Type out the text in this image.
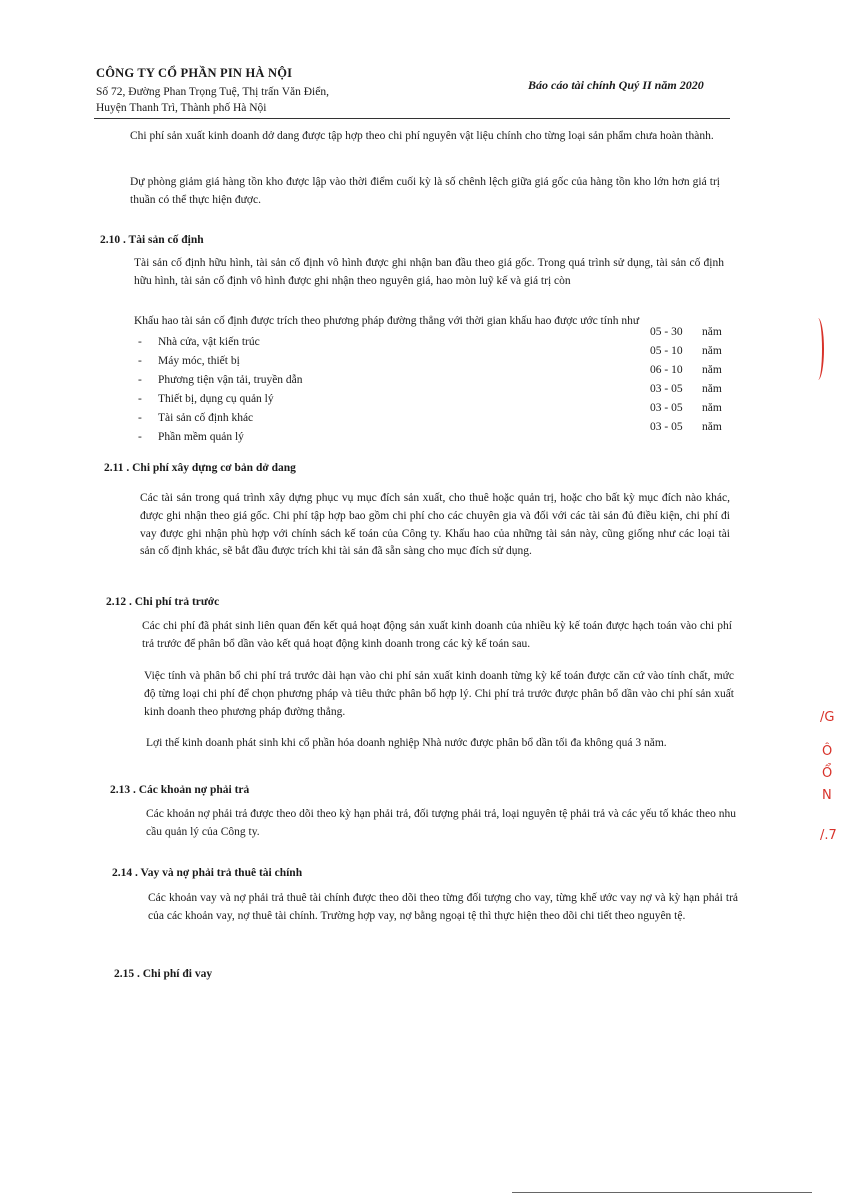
CÔNG TY CỔ PHẦN PIN HÀ NỘI
Số 72, Đường Phan Trọng Tuệ, Thị trấn Văn Điển,
Huyện Thanh Trì, Thành phố Hà Nội
Báo cáo tài chính Quý II năm 2020
Chi phí sản xuất kinh doanh dở dang được tập hợp theo chi phí nguyên vật liệu chính cho từng loại sản phẩm chưa hoàn thành.
Dự phòng giảm giá hàng tồn kho được lập vào thời điểm cuối kỳ là số chênh lệch giữa giá gốc của hàng tồn kho lớn hơn giá trị thuần có thể thực hiện được.
2.10 . Tài sản cố định
Tài sản cố định hữu hình, tài sản cố định vô hình được ghi nhận ban đầu theo giá gốc. Trong quá trình sử dụng, tài sản cố định hữu hình, tài sản cố định vô hình được ghi nhận theo nguyên giá, hao mòn luỹ kế và giá trị còn
Khấu hao tài sản cố định được trích theo phương pháp đường thẳng với thời gian khấu hao được ước tính như
- Nhà cửa, vật kiến trúc
05 - 30 năm
- Máy móc, thiết bị
05 - 10 năm
- Phương tiện vận tải, truyền dẫn
06 - 10 năm
- Thiết bị, dụng cụ quản lý
03 - 05 năm
- Tài sản cố định khác
03 - 05 năm
- Phần mềm quản lý
03 - 05 năm
2.11 . Chi phí xây dựng cơ bản dở dang
Các tài sản trong quá trình xây dựng phục vụ mục đích sản xuất, cho thuê hoặc quản trị, hoặc cho bất kỳ mục đích nào khác, được ghi nhận theo giá gốc. Chi phí tập hợp bao gồm chi phí cho các chuyên gia và đối với các tài sản đủ điều kiện, chi phí đi vay được ghi nhận phù hợp với chính sách kế toán của Công ty. Khấu hao của những tài sản này, cũng giống như các loại tài sản cố định khác, sẽ bắt đầu được trích khi tài sản đã sẵn sàng cho mục đích sử dụng.
2.12 . Chi phí trả trước
Các chi phí đã phát sinh liên quan đến kết quả hoạt động sản xuất kinh doanh của nhiều kỳ kế toán được hạch toán vào chi phí trả trước để phân bổ dần vào kết quả hoạt động kinh doanh trong các kỳ kế toán sau.
Việc tính và phân bổ chi phí trả trước dài hạn vào chi phí sản xuất kinh doanh từng kỳ kế toán được căn cứ vào tính chất, mức độ từng loại chi phí để chọn phương pháp và tiêu thức phân bổ hợp lý. Chi phí trả trước được phân bổ dần vào chi phí sản xuất kinh doanh theo phương pháp đường thẳng.
Lợi thế kinh doanh phát sinh khi cổ phần hóa doanh nghiệp Nhà nước được phân bổ dần tối đa không quá 3 năm.
2.13 . Các khoản nợ phải trả
Các khoản nợ phải trả được theo dõi theo kỳ hạn phải trả, đối tượng phải trả, loại nguyên tệ phải trả và các yếu tố khác theo nhu cầu quản lý của Công ty.
2.14 . Vay và nợ phải trả thuê tài chính
Các khoản vay và nợ phải trả thuê tài chính được theo dõi theo từng đối tượng cho vay, từng khế ước vay nợ và kỳ hạn phải trả của các khoản vay, nợ thuê tài chính. Trường hợp vay, nợ bằng ngoại tệ thì thực hiện theo dõi chi tiết theo nguyên tệ.
2.15 . Chi phí đi vay
/G
Ô
Ổ
N
/.7
